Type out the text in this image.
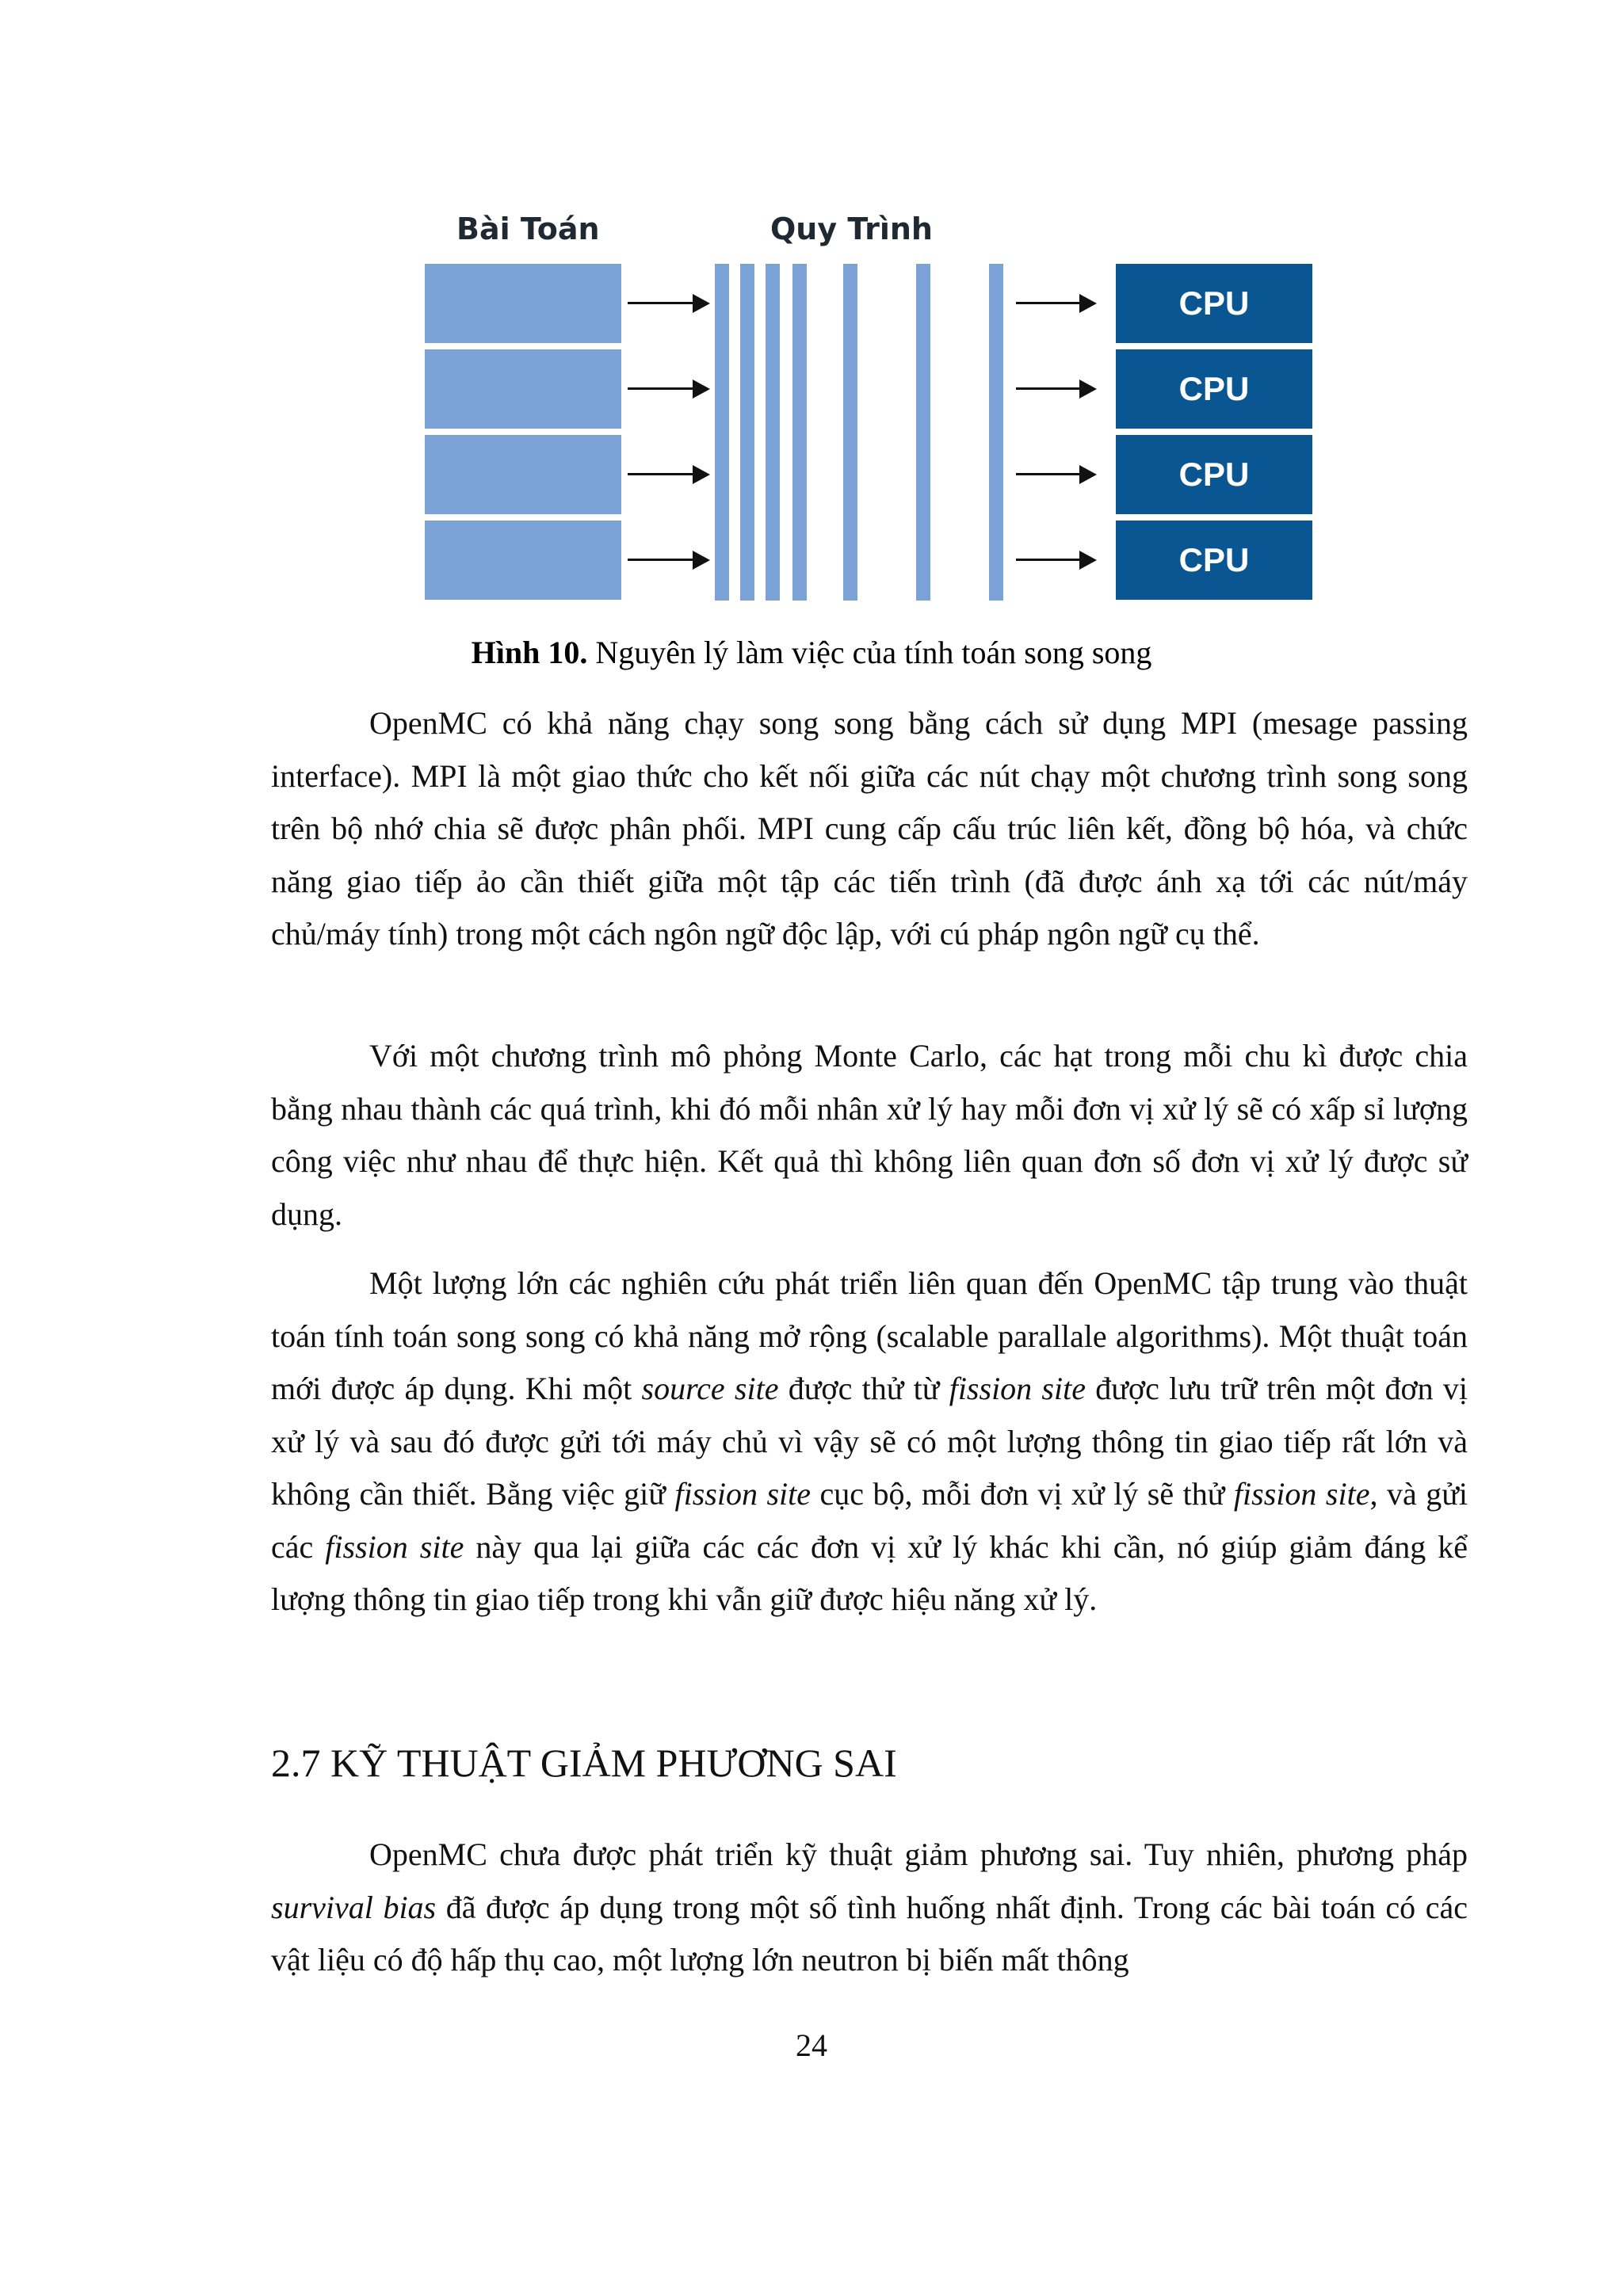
Bài Toán	Quy Trình
CPU
CPU
CPU
CPU
Hình 10. Nguyên lý làm việc của tính toán song song

OpenMC có khả năng chạy song song bằng cách sử dụng MPI (mesage passing interface). MPI là một giao thức cho kết nối giữa các nút chạy một chương trình song song trên bộ nhớ chia sẽ được phân phối. MPI cung cấp cấu trúc liên kết, đồng bộ hóa, và chức năng giao tiếp ảo cần thiết giữa một tập các tiến trình (đã được ánh xạ tới các nút/máy chủ/máy tính) trong một cách ngôn ngữ độc lập, với cú pháp ngôn ngữ cụ thể.

Với một chương trình mô phỏng Monte Carlo, các hạt trong mỗi chu kì được chia bằng nhau thành các quá trình, khi đó mỗi nhân xử lý hay mỗi đơn vị xử lý sẽ có xấp sỉ lượng công việc như nhau để thực hiện. Kết quả thì không liên quan đơn số đơn vị xử lý được sử dụng.

Một lượng lớn các nghiên cứu phát triển liên quan đến OpenMC tập trung vào thuật toán tính toán song song có khả năng mở rộng (scalable parallale algorithms). Một thuật toán mới được áp dụng. Khi một source site được thử từ fission site được lưu trữ trên một đơn vị xử lý và sau đó được gửi tới máy chủ vì vậy sẽ có một lượng thông tin giao tiếp rất lớn và không cần thiết. Bằng việc giữ fission site cục bộ, mỗi đơn vị xử lý sẽ thử fission site, và gửi các fission site này qua lại giữa các các đơn vị xử lý khác khi cần, nó giúp giảm đáng kể lượng thông tin giao tiếp trong khi vẫn giữ được hiệu năng xử lý.

2.7 KỸ THUẬT GIẢM PHƯƠNG SAI

OpenMC chưa được phát triển kỹ thuật giảm phương sai. Tuy nhiên, phương pháp survival bias đã được áp dụng trong một số tình huống nhất định. Trong các bài toán có các vật liệu có độ hấp thụ cao, một lượng lớn neutron bị biến mất thông

24
